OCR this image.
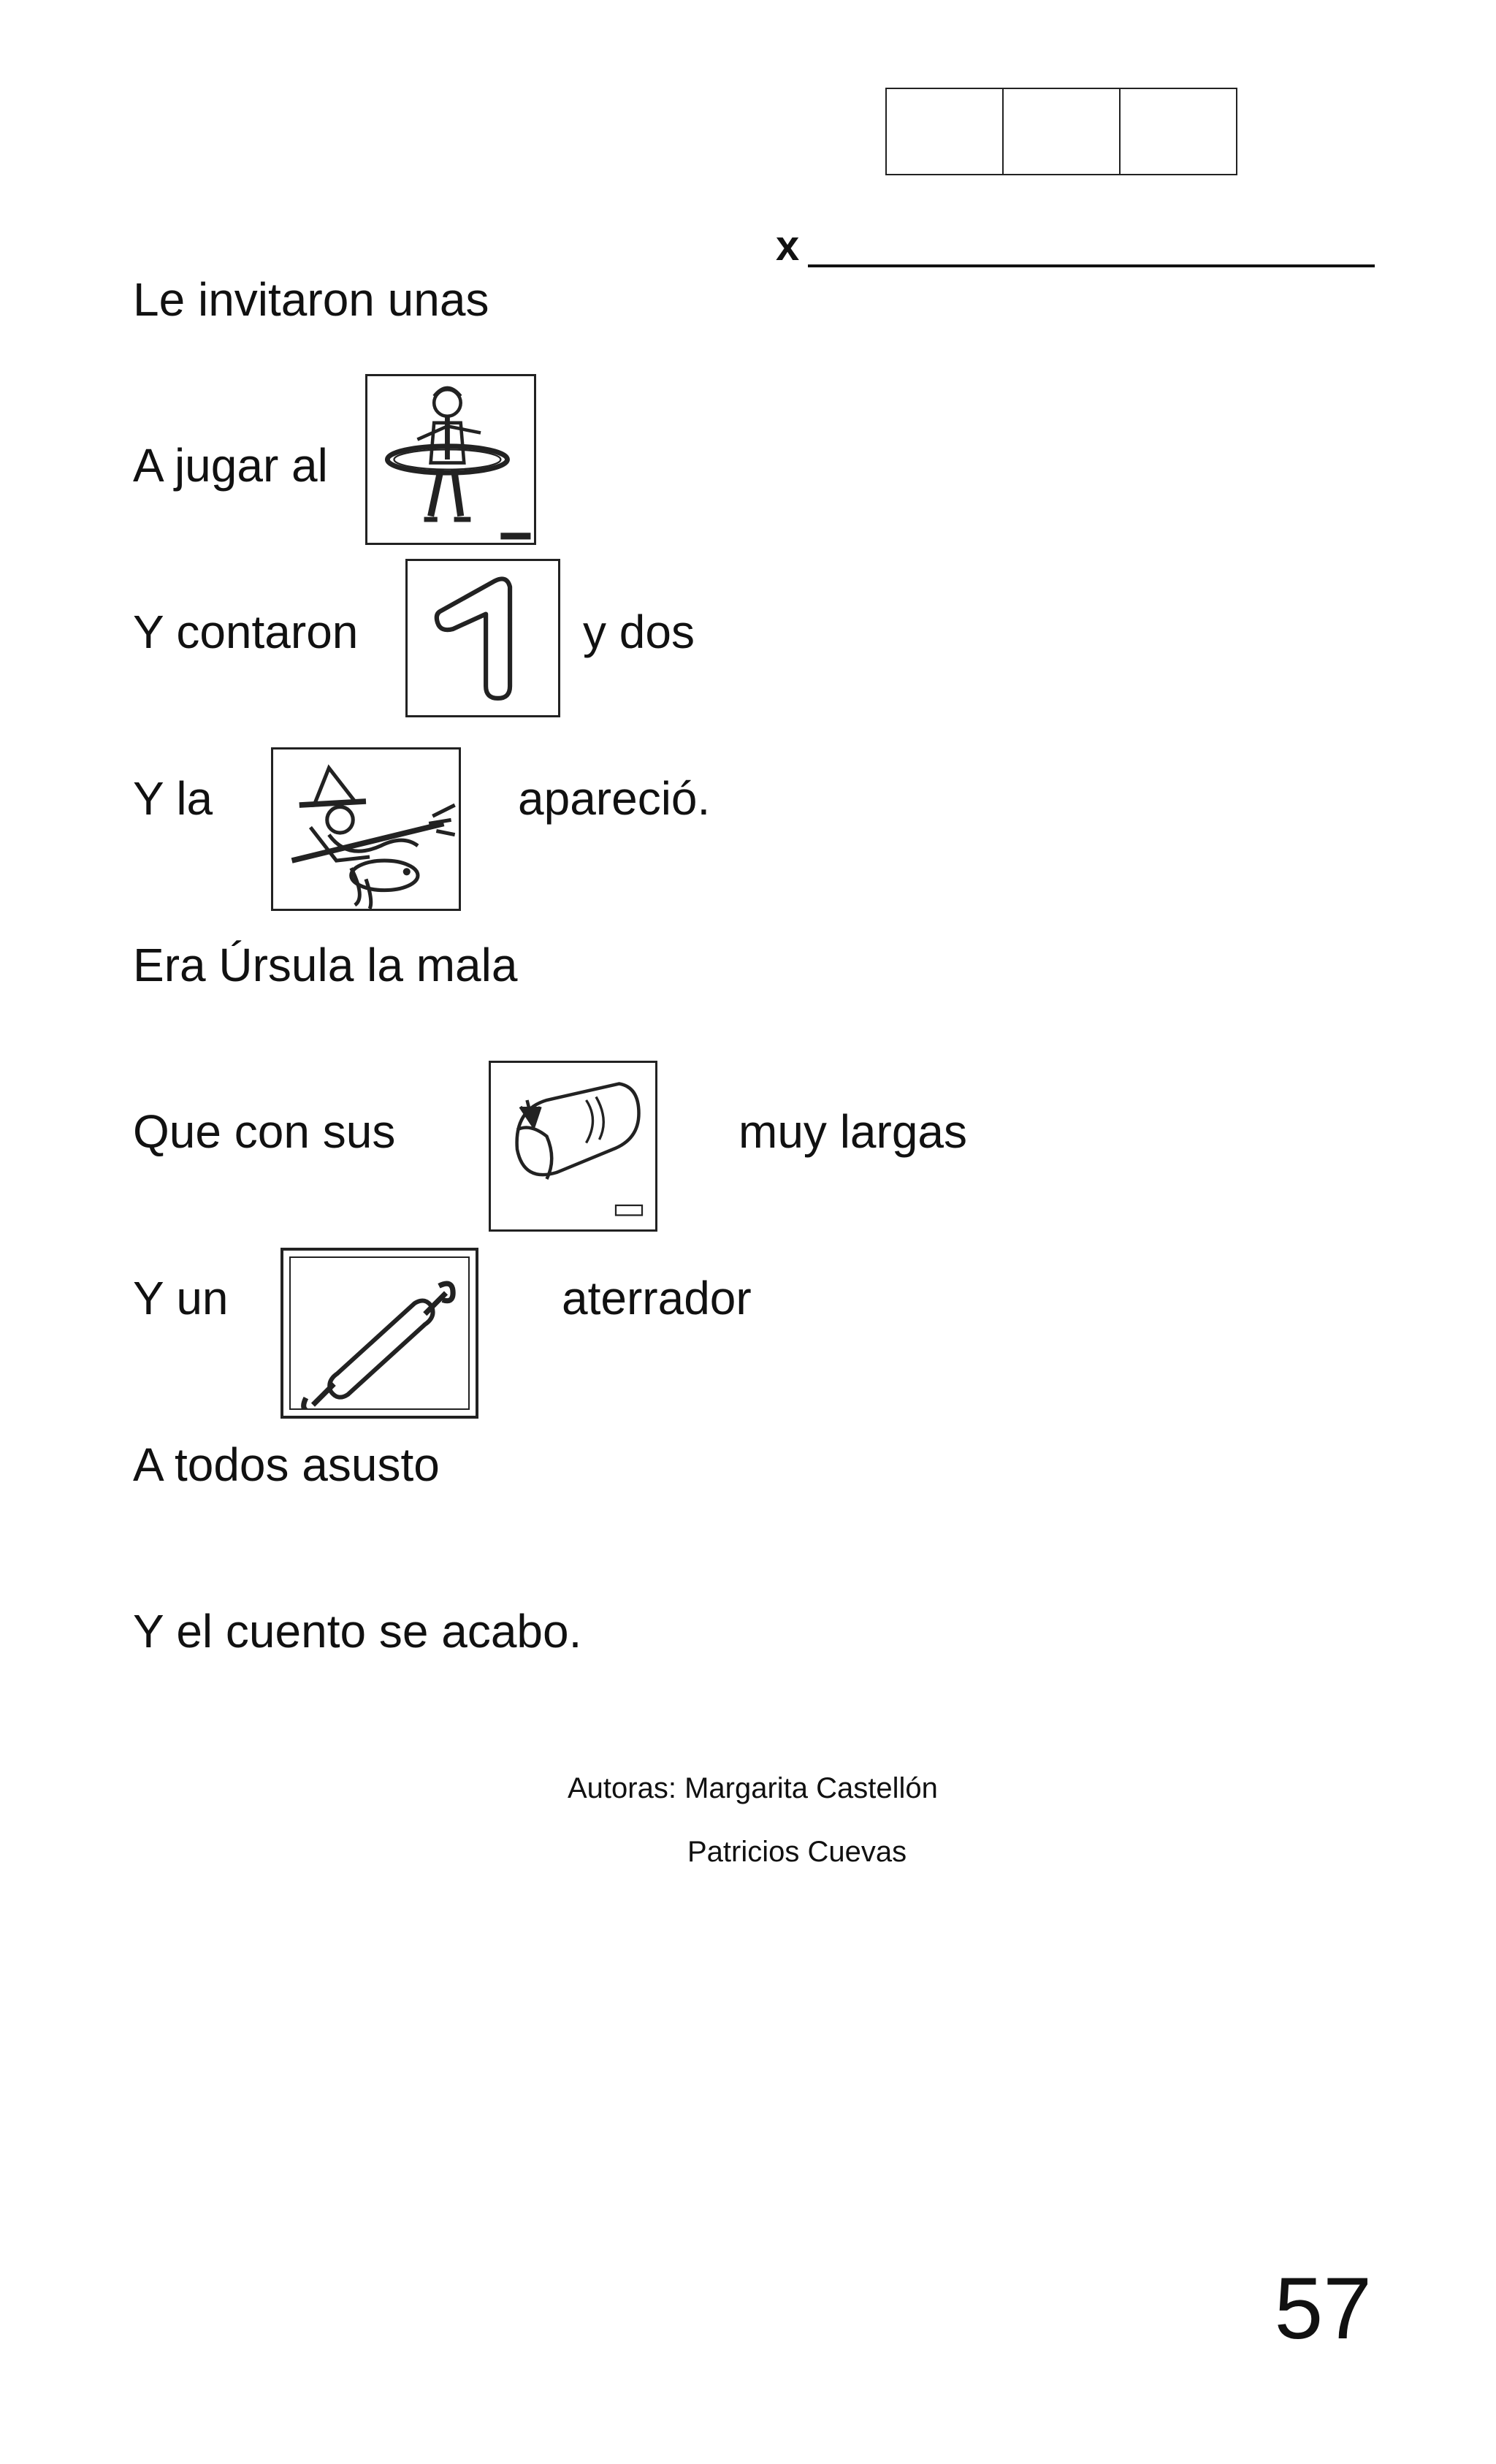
x
Le invitaron unas
A jugar al
Y contaron	y dos
Y la	apareció.
Era Úrsula la mala
Que con sus	muy largas
Y un	aterrador
A todos asusto
Y el cuento se acabo.
Autoras: Margarita Castellón
Patricios Cuevas
57
